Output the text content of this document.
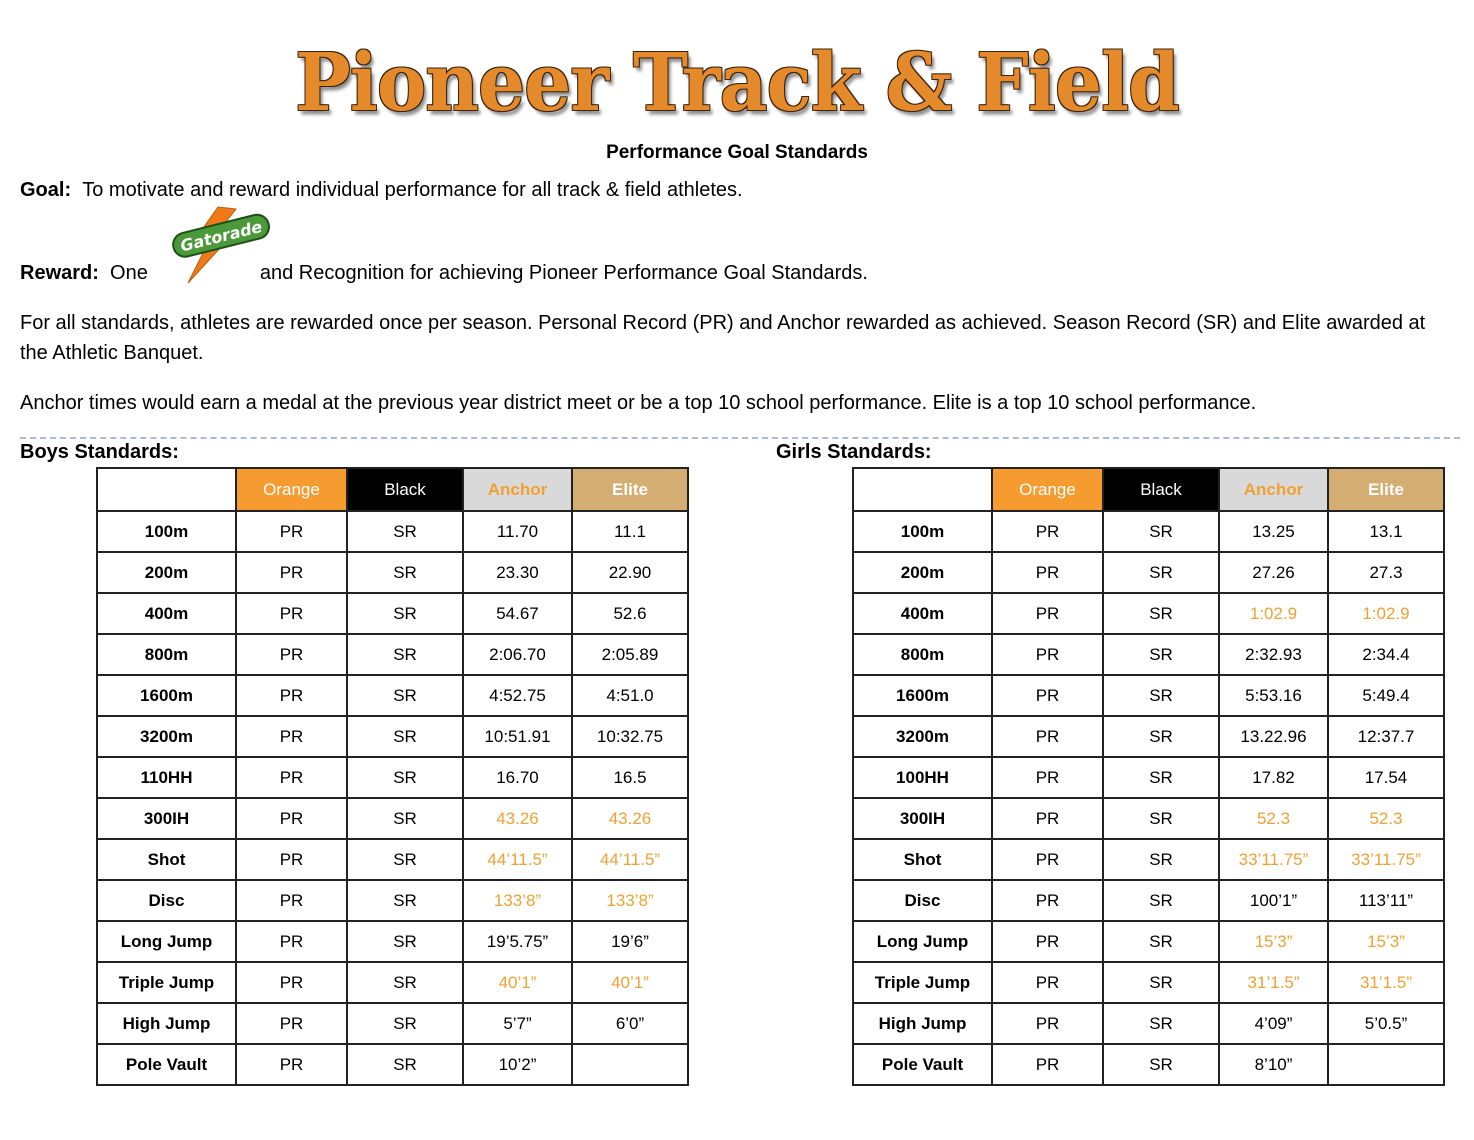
Pioneer Track & Field
Performance Goal Standards
Goal: To motivate and reward individual performance for all track & field athletes.
Gatorade
Reward: One	and Recognition for achieving Pioneer Performance Goal Standards.
For all standards, athletes are rewarded once per season. Personal Record (PR) and Anchor rewarded as achieved. Season Record (SR) and Elite awarded at the Athletic Banquet.
Anchor times would earn a medal at the previous year district meet or be a top 10 school performance. Elite is a top 10 school performance.
Boys Standards:	Girls Standards:
	Orange	Black	Anchor	Elite
100m	PR	SR	11.70	11.1
200m	PR	SR	23.30	22.90
400m	PR	SR	54.67	52.6
800m	PR	SR	2:06.70	2:05.89
1600m	PR	SR	4:52.75	4:51.0
3200m	PR	SR	10:51.91	10:32.75
110HH	PR	SR	16.70	16.5
300IH	PR	SR	43.26	43.26
Shot	PR	SR	44’11.5”	44’11.5”
Disc	PR	SR	133’8”	133’8”
Long Jump	PR	SR	19’5.75”	19’6”
Triple Jump	PR	SR	40’1”	40’1”
High Jump	PR	SR	5’7”	6’0”
Pole Vault	PR	SR	10’2”	
	Orange	Black	Anchor	Elite
100m	PR	SR	13.25	13.1
200m	PR	SR	27.26	27.3
400m	PR	SR	1:02.9	1:02.9
800m	PR	SR	2:32.93	2:34.4
1600m	PR	SR	5:53.16	5:49.4
3200m	PR	SR	13.22.96	12:37.7
100HH	PR	SR	17.82	17.54
300IH	PR	SR	52.3	52.3
Shot	PR	SR	33’11.75”	33’11.75”
Disc	PR	SR	100’1”	113’11”
Long Jump	PR	SR	15’3”	15’3”
Triple Jump	PR	SR	31’1.5”	31’1.5”
High Jump	PR	SR	4’09”	5’0.5”
Pole Vault	PR	SR	8’10”	
